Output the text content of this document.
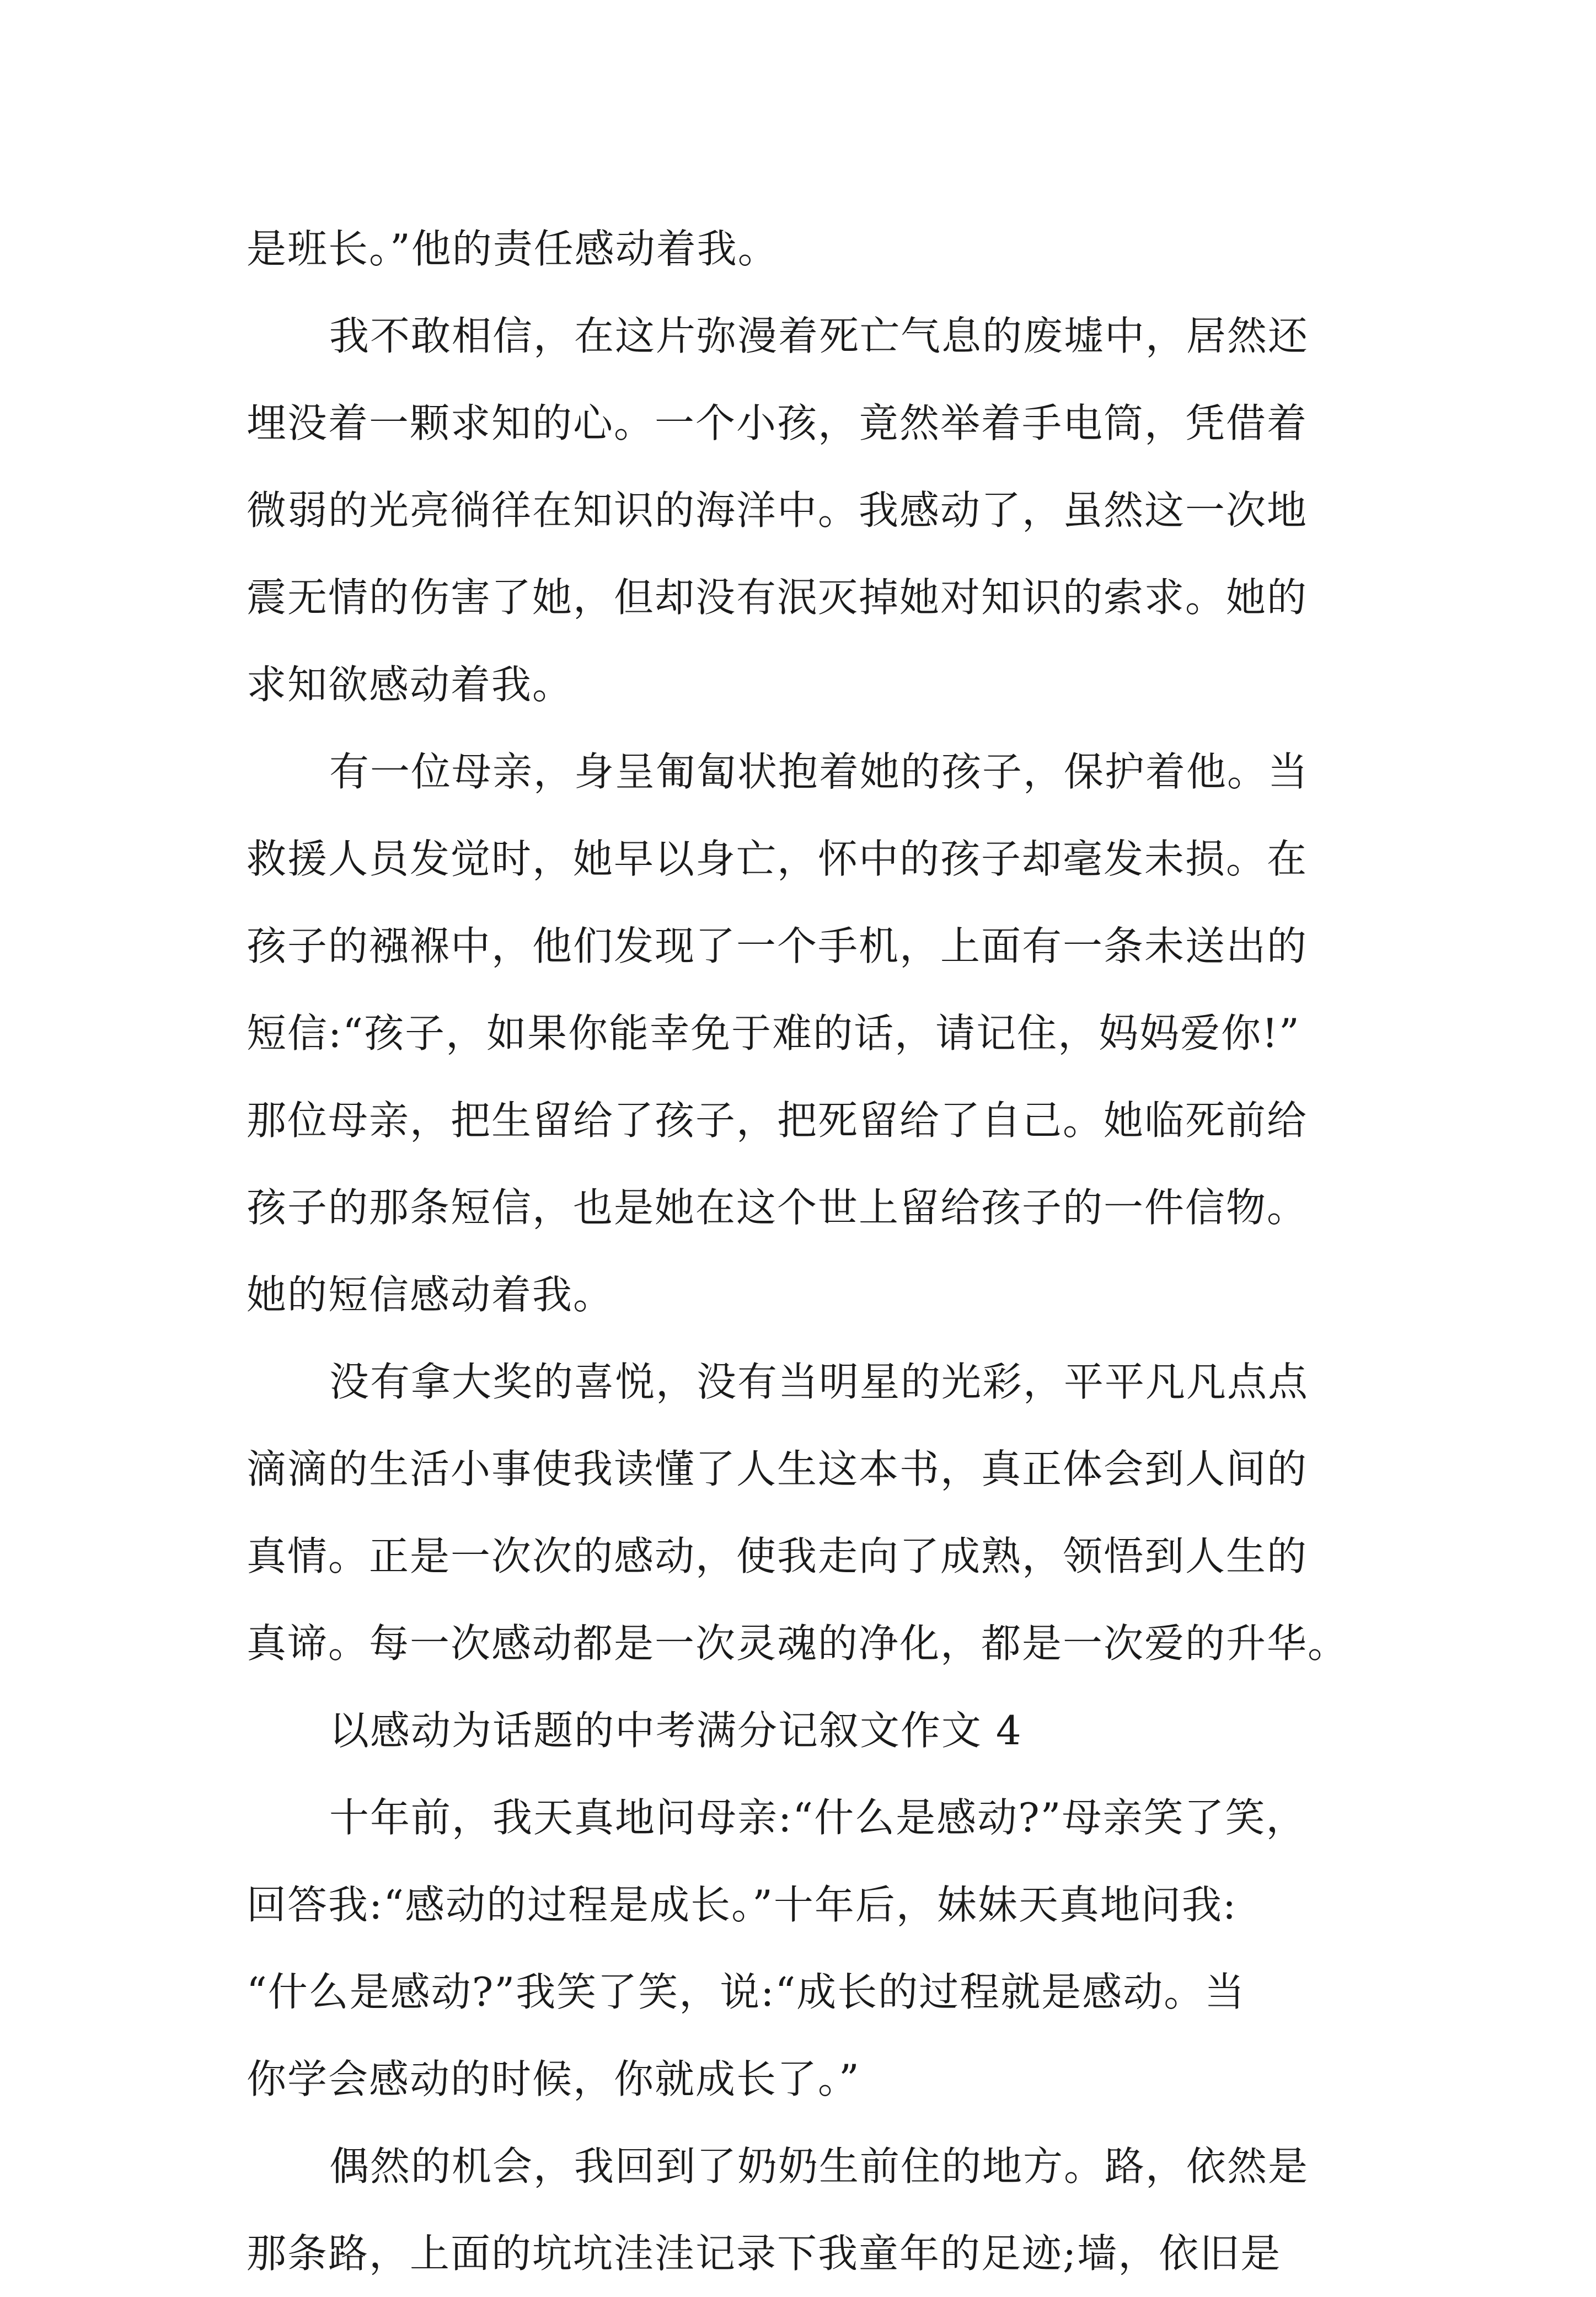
是班长。”他的责任感动着我。
我不敢相信，在这片弥漫着死亡气息的废墟中，居然还
埋没着一颗求知的心。一个小孩，竟然举着手电筒，凭借着
微弱的光亮徜徉在知识的海洋中。我感动了，虽然这一次地
震无情的伤害了她，但却没有泯灭掉她对知识的索求。她的
求知欲感动着我。
有一位母亲，身呈匍匐状抱着她的孩子，保护着他。当
救援人员发觉时，她早以身亡，怀中的孩子却毫发未损。在
孩子的襁褓中，他们发现了一个手机，上面有一条未送出的
短信:“孩子，如果你能幸免于难的话，请记住，妈妈爱你!”
那位母亲，把生留给了孩子，把死留给了自己。她临死前给
孩子的那条短信，也是她在这个世上留给孩子的一件信物。
她的短信感动着我。
没有拿大奖的喜悦，没有当明星的光彩，平平凡凡点点
滴滴的生活小事使我读懂了人生这本书，真正体会到人间的
真情。正是一次次的感动，使我走向了成熟，领悟到人生的
真谛。每一次感动都是一次灵魂的净化，都是一次爱的升华。
以感动为话题的中考满分记叙文作文 4
十年前，我天真地问母亲:“什么是感动?”母亲笑了笑，
回答我:“感动的过程是成长。”十年后，妹妹天真地问我:
“什么是感动?”我笑了笑，说:“成长的过程就是感动。当
你学会感动的时候，你就成长了。”
偶然的机会，我回到了奶奶生前住的地方。路，依然是
那条路，上面的坑坑洼洼记录下我童年的足迹;墙，依旧是
